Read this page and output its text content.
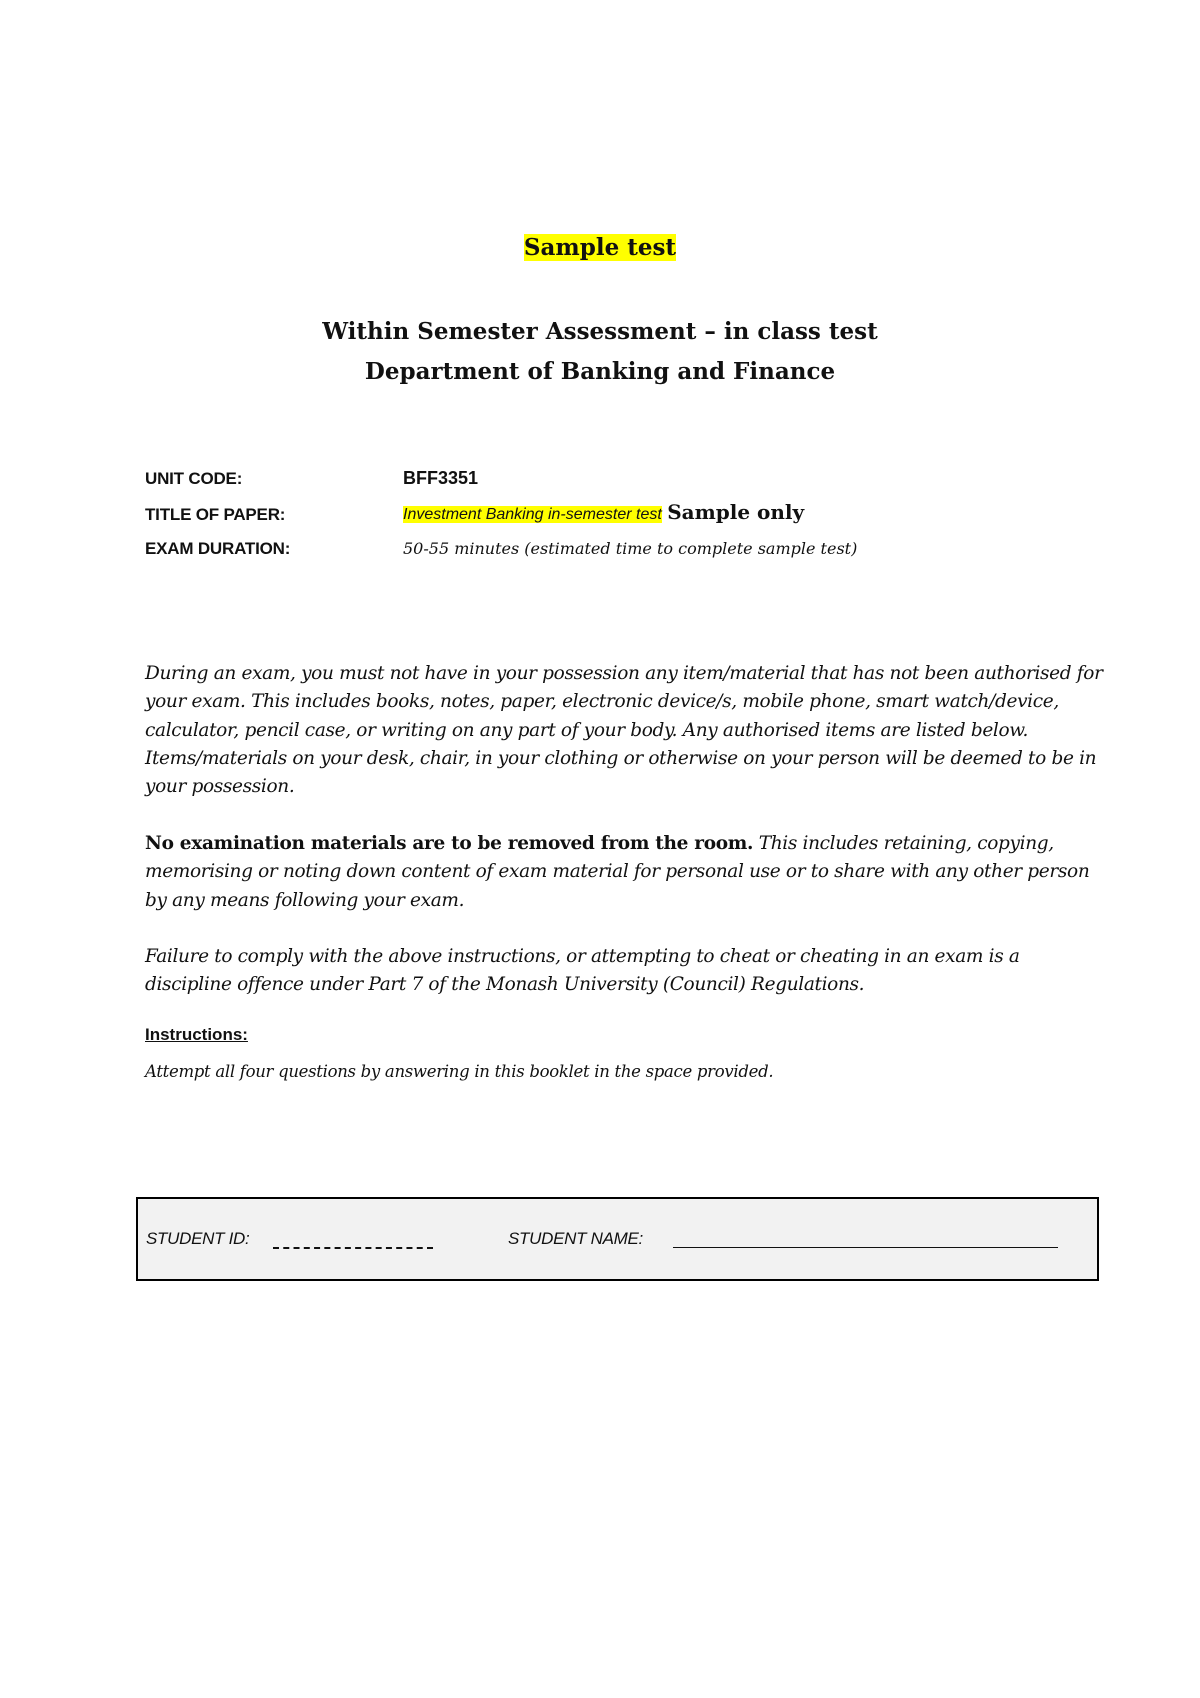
Sample test
Within Semester Assessment – in class test
Department of Banking and Finance
UNIT CODE:	BFF3351
TITLE OF PAPER:	Investment Banking in-semester test Sample only
EXAM DURATION:	50-55 minutes (estimated time to complete sample test)
During an exam, you must not have in your possession any item/material that has not been authorised for your exam. This includes books, notes, paper, electronic device/s, mobile phone, smart watch/device, calculator, pencil case, or writing on any part of your body. Any authorised items are listed below. Items/materials on your desk, chair, in your clothing or otherwise on your person will be deemed to be in your possession.
No examination materials are to be removed from the room. This includes retaining, copying, memorising or noting down content of exam material for personal use or to share with any other person by any means following your exam.
Failure to comply with the above instructions, or attempting to cheat or cheating in an exam is a discipline offence under Part 7 of the Monash University (Council) Regulations.
Instructions:
Attempt all four questions by answering in this booklet in the space provided.
STUDENT ID:	STUDENT NAME:
